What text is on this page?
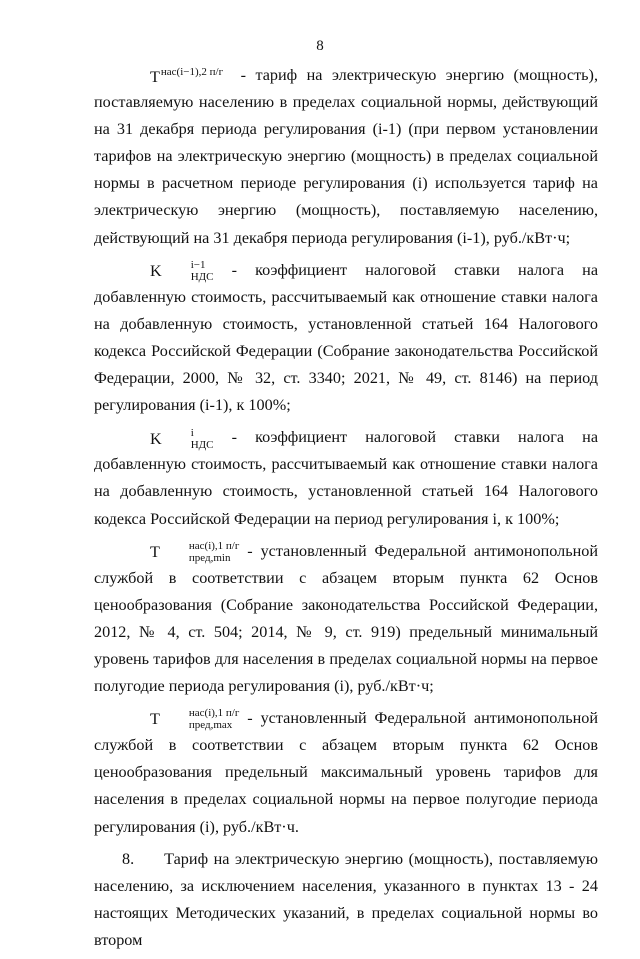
8

$T^{нас(i-1),2 п/г}$ - тариф на электрическую энергию (мощность), поставляемую населению в пределах социальной нормы, действующий на 31 декабря периода регулирования (i-1) (при первом установлении тарифов на электрическую энергию (мощность) в пределах социальной нормы в расчетном периоде регулирования (i) используется тариф на электрическую энергию (мощность), поставляемую населению, действующий на 31 декабря периода регулирования (i-1), руб./кВт·ч;

K	i−1
НДС - коэффициент налоговой ставки налога на добавленную стоимость, рассчитываемый как отношение ставки налога на добавленную стоимость, установленной статьей 164 Налогового кодекса Российской Федерации (Собрание законодательства Российской Федерации, 2000, № 32, ст. 3340; 2021, № 49, ст. 8146) на период регулирования (i-1), к 100%;

K	i
НДС - коэффициент налоговой ставки налога на добавленную стоимость, рассчитываемый как отношение ставки налога на добавленную стоимость, установленной статьей 164 Налогового кодекса Российской Федерации на период регулирования i, к 100%;

T	нас(i),1 п/г
пред,min	- установленный Федеральной антимонопольной службой в соответствии с абзацем вторым пункта 62 Основ ценообразования (Собрание законодательства Российской Федерации, 2012, № 4, ст. 504; 2014, № 9, ст. 919) предельный минимальный уровень тарифов для населения в пределах социальной нормы на первое полугодие периода регулирования (i), руб./кВт·ч;

T	нас(i),1 п/г
пред,max - установленный Федеральной антимонопольной службой в соответствии с абзацем вторым пункта 62 Основ ценообразования предельный максимальный уровень тарифов для населения в пределах социальной нормы на первое полугодие периода регулирования (i), руб./кВт·ч.

8. Тариф на электрическую энергию (мощность), поставляемую населению, за исключением населения, указанного в пунктах 13 - 24 настоящих Методических указаний, в пределах социальной нормы во втором
